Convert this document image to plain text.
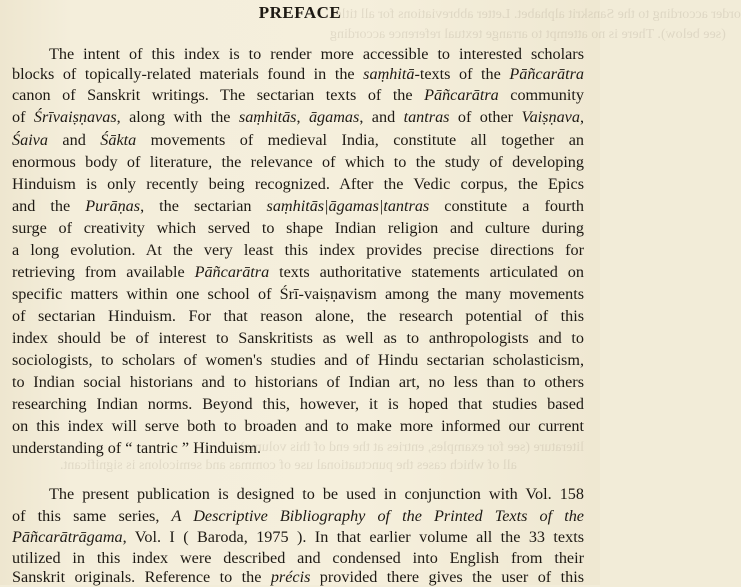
order according to the Sanskrit alphabet. Letter abbreviations for all titles
(see below). There is no attempt to arrange textual reference according
literature (see for examples, entries at the end of this volume)
all of which cases the punctuational use of commas and semicolons is significant.
PREFACE
The intent of this index is to render more accessible to interested scholars
blocks of topically-related materials found in the saṃhitā-texts of the Pāñcarātra
canon of Sanskrit writings. The sectarian texts of the Pāñcarātra community
of Śrīvaiṣṇavas, along with the saṃhitās, āgamas, and tantras of other Vaiṣṇava,
Śaiva and Śākta movements of medieval India, constitute all together an
enormous body of literature, the relevance of which to the study of developing
Hinduism is only recently being recognized. After the Vedic corpus, the Epics
and the Purāṇas, the sectarian saṃhitās|āgamas|tantras constitute a fourth
surge of creativity which served to shape Indian religion and culture during
a long evolution. At the very least this index provides precise directions for
retrieving from available Pāñcarātra texts authoritative statements articulated on
specific matters within one school of Śrī-vaiṣṇavism among the many movements
of sectarian Hinduism. For that reason alone, the research potential of this
index should be of interest to Sanskritists as well as to anthropologists and to
sociologists, to scholars of women's studies and of Hindu sectarian scholasticism,
to Indian social historians and to historians of Indian art, no less than to others
researching Indian norms. Beyond this, however, it is hoped that studies based
on this index will serve both to broaden and to make more informed our current
understanding of “ tantric ” Hinduism.
The present publication is designed to be used in conjunction with Vol. 158
of this same series, A Descriptive Bibliography of the Printed Texts of the
Pāñcarātrāgama, Vol. I ( Baroda, 1975 ). In that earlier volume all the 33 texts
utilized in this index were described and condensed into English from their
Sanskrit originals. Reference to the précis provided there gives the user of this
